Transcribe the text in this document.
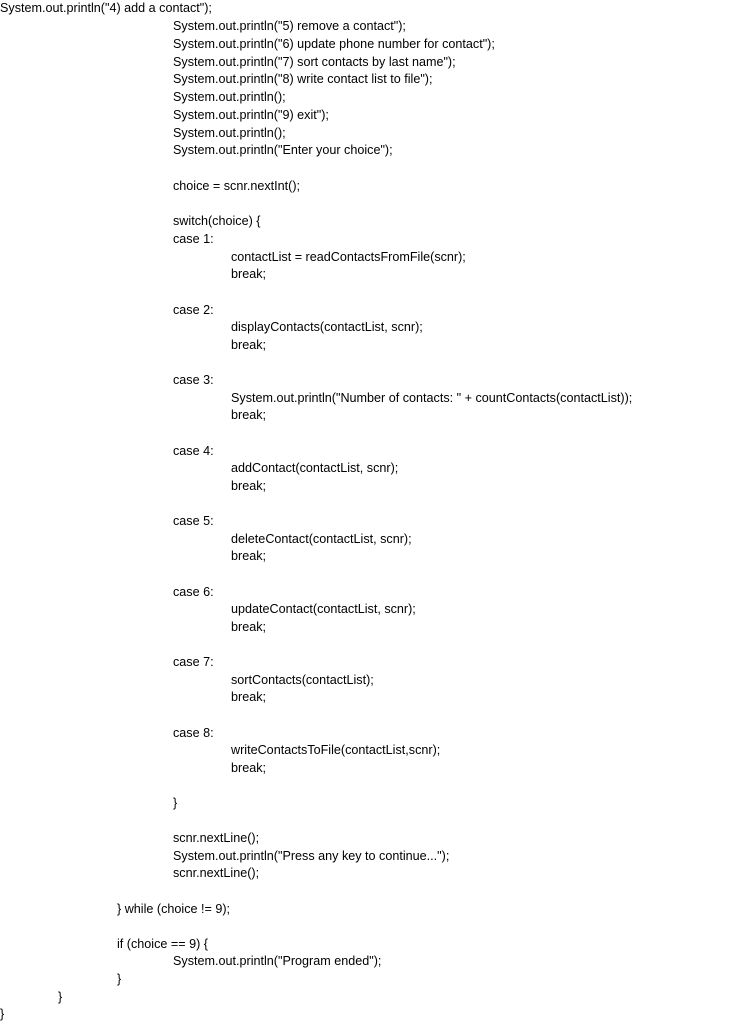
System.out.println("4) add a contact");
System.out.println("5) remove a contact");
System.out.println("6) update phone number for contact");
System.out.println("7) sort contacts by last name");
System.out.println("8) write contact list to file");
System.out.println();
System.out.println("9) exit");
System.out.println();
System.out.println("Enter your choice");
choice = scnr.nextInt();
switch(choice) {
case 1:
contactList = readContactsFromFile(scnr);
break;
case 2:
displayContacts(contactList, scnr);
break;
case 3:
System.out.println("Number of contacts: " + countContacts(contactList));
break;
case 4:
addContact(contactList, scnr);
break;
case 5:
deleteContact(contactList, scnr);
break;
case 6:
updateContact(contactList, scnr);
break;
case 7:
sortContacts(contactList);
break;
case 8:
writeContactsToFile(contactList,scnr);
break;
}
scnr.nextLine();
System.out.println("Press any key to continue...");
scnr.nextLine();
} while (choice != 9);
if (choice == 9) {
System.out.println("Program ended");
}
}
}
